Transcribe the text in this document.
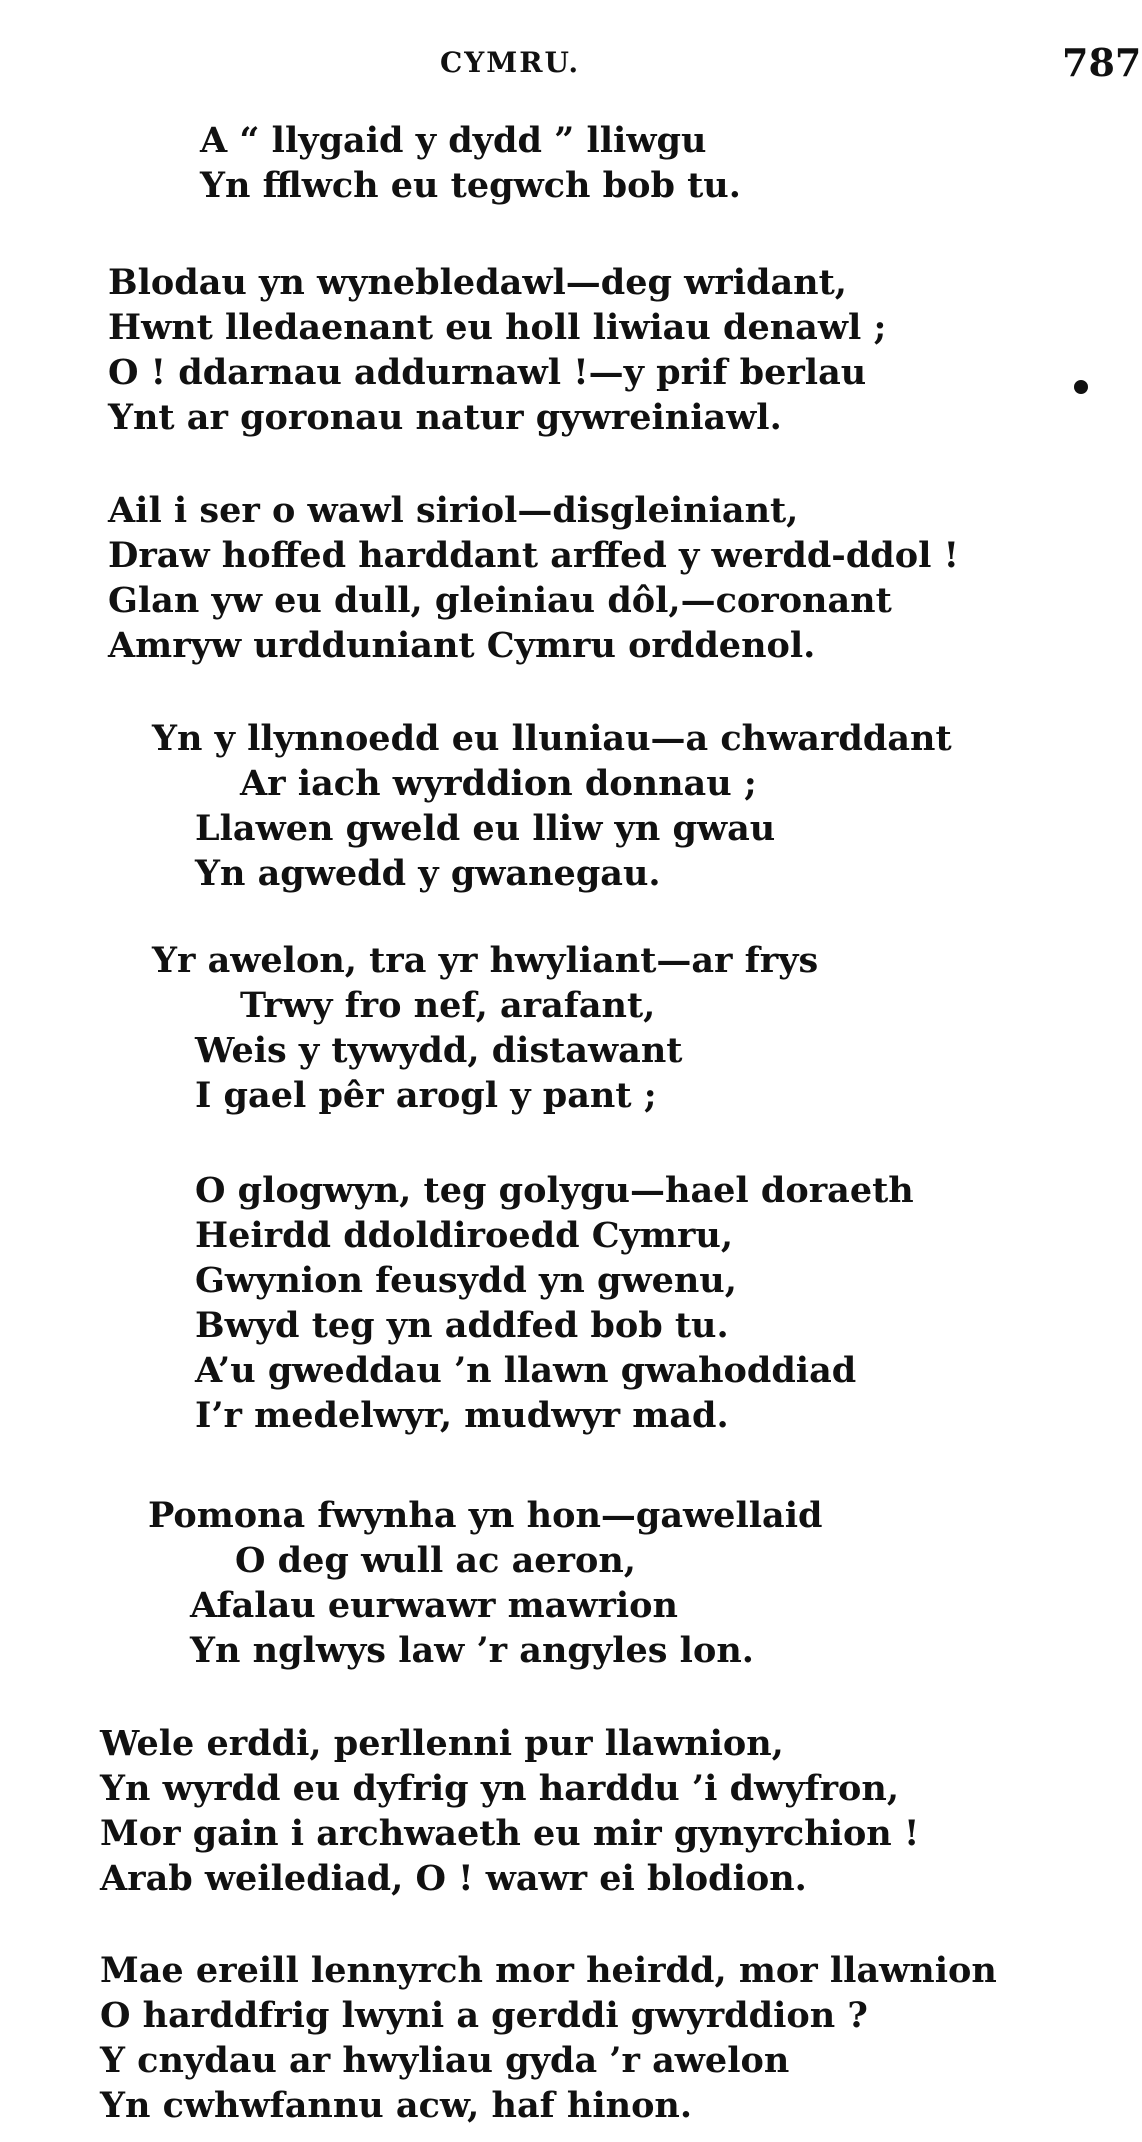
CYMRU.	787
A “ llygaid y dydd ” lliwgu
Yn fflwch eu tegwch bob tu.
Blodau yn wynebledawl—deg wridant,
Hwnt lledaenant eu holl liwiau denawl ;
O ! ddarnau addurnawl !—y prif berlau
Ynt ar goronau natur gywreiniawl.
Ail i ser o wawl siriol—disgleiniant,
Draw hoffed harddant arffed y werdd-ddol !
Glan yw eu dull, gleiniau dôl,—coronant
Amryw urdduniant Cymru orddenol.
Yn y llynnoedd eu lluniau—a chwarddant
Ar iach wyrddion donnau ;
Llawen gweld eu lliw yn gwau
Yn agwedd y gwanegau.
Yr awelon, tra yr hwyliant—ar frys
Trwy fro nef, arafant,
Weis y tywydd, distawant
I gael pêr arogl y pant ;
O glogwyn, teg golygu—hael doraeth
Heirdd ddoldiroedd Cymru,
Gwynion feusydd yn gwenu,
Bwyd teg yn addfed bob tu.
A’u gweddau ’n llawn gwahoddiad
I’r medelwyr, mudwyr mad.
Pomona fwynha yn hon—gawellaid
O deg wull ac aeron,
Afalau eurwawr mawrion
Yn nglwys law ’r angyles lon.
Wele erddi, perllenni pur llawnion,
Yn wyrdd eu dyfrig yn harddu ’i dwyfron,
Mor gain i archwaeth eu mir gynyrchion !
Arab weilediad, O ! wawr ei blodion.
Mae ereill lennyrch mor heirdd, mor llawnion
O harddfrig lwyni a gerddi gwyrddion ?
Y cnydau ar hwyliau gyda ’r awelon
Yn cwhwfannu acw, haf hinon.
